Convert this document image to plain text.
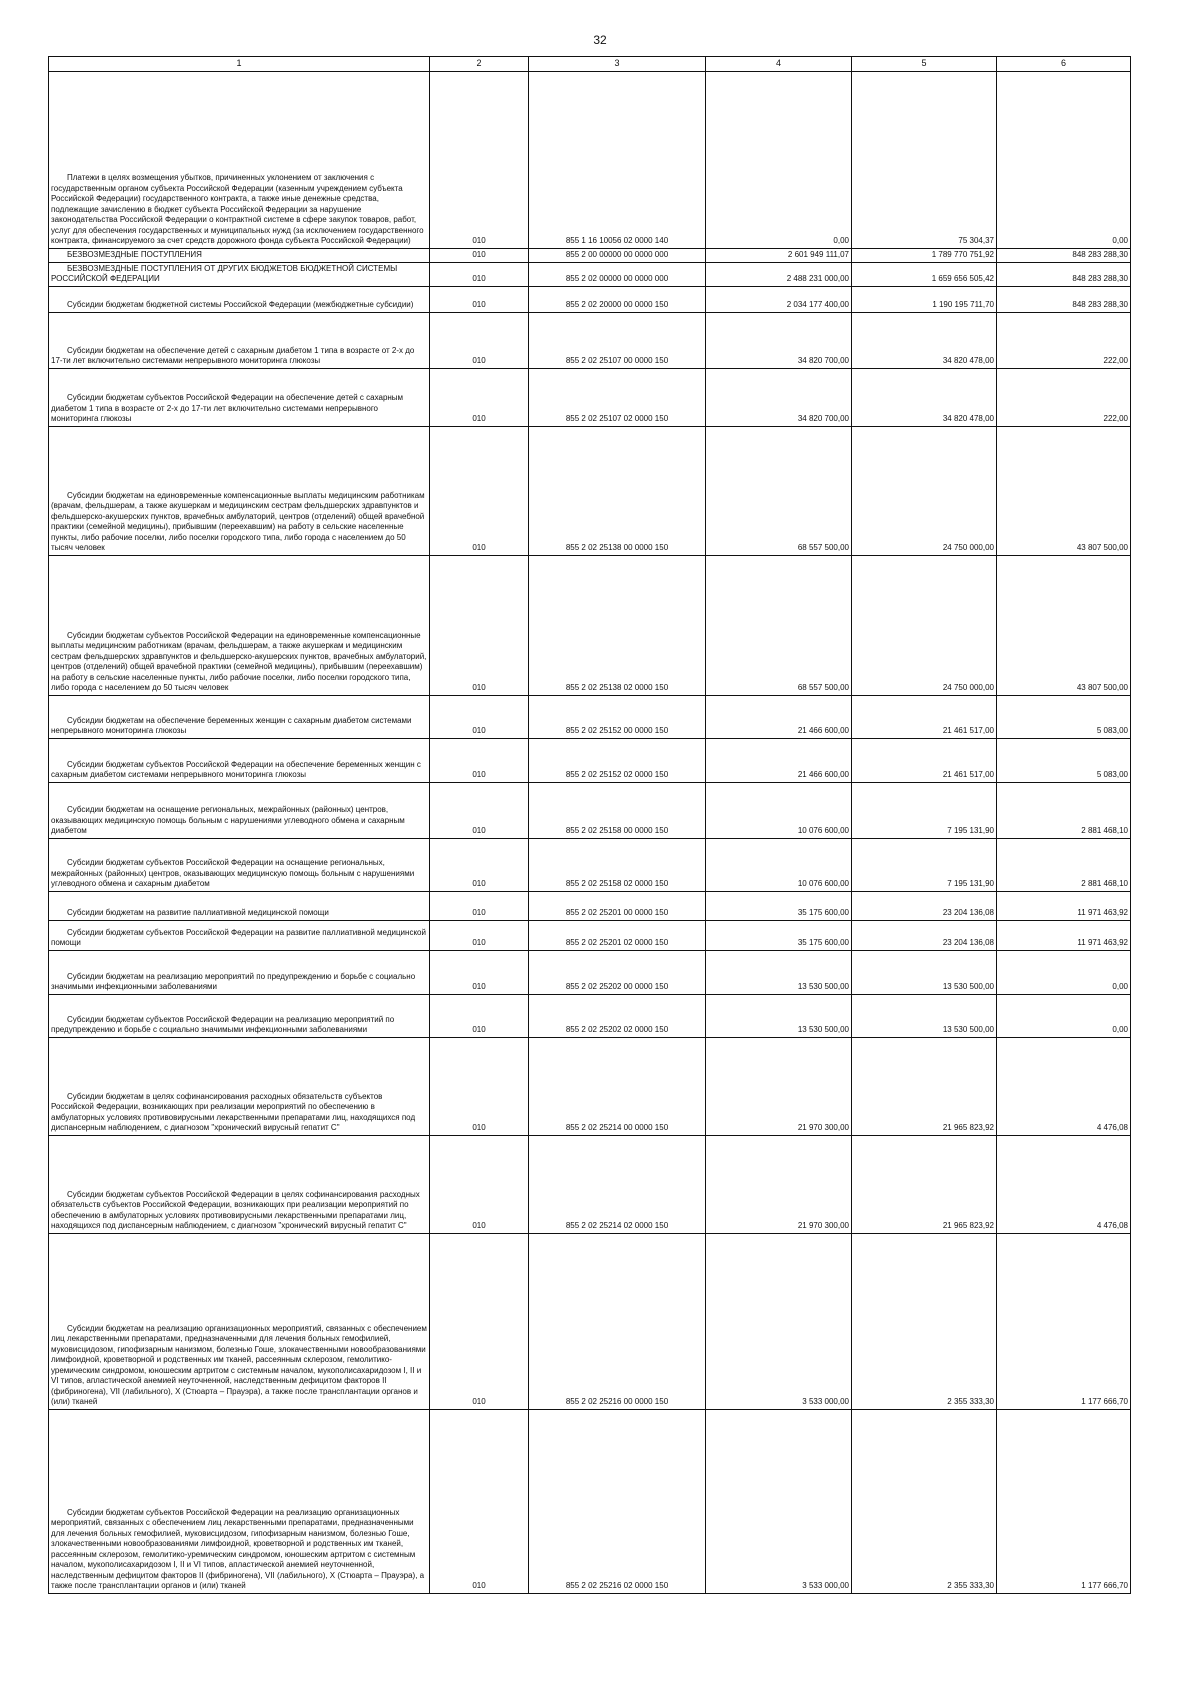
32
1	2	3	4	5	6
Платежи в целях возмещения убытков, причиненных уклонением от заключения с государственным органом субъекта Российской Федерации (казенным учреждением субъекта Российской Федерации) государственного контракта, а также иные денежные средства, подлежащие зачислению в бюджет субъекта Российской Федерации за нарушение законодательства Российской Федерации о контрактной системе в сфере закупок товаров, работ, услуг для обеспечения государственных и муниципальных нужд (за исключением государственного контракта, финансируемого за счет средств дорожного фонда субъекта Российской Федерации)	010	855 1 16 10056 02 0000 140	0,00	75 304,37	0,00
БЕЗВОЗМЕЗДНЫЕ ПОСТУПЛЕНИЯ	010	855 2 00 00000 00 0000 000	2 601 949 111,07	1 789 770 751,92	848 283 288,30
БЕЗВОЗМЕЗДНЫЕ ПОСТУПЛЕНИЯ ОТ ДРУГИХ БЮДЖЕТОВ БЮДЖЕТНОЙ СИСТЕМЫ РОССИЙСКОЙ ФЕДЕРАЦИИ	010	855 2 02 00000 00 0000 000	2 488 231 000,00	1 659 656 505,42	848 283 288,30
Субсидии бюджетам бюджетной системы Российской Федерации (межбюджетные субсидии)	010	855 2 02 20000 00 0000 150	2 034 177 400,00	1 190 195 711,70	848 283 288,30
Субсидии бюджетам на обеспечение детей с сахарным диабетом 1 типа в возрасте от 2-х до 17-ти лет включительно системами непрерывного мониторинга глюкозы	010	855 2 02 25107 00 0000 150	34 820 700,00	34 820 478,00	222,00
Субсидии бюджетам субъектов Российской Федерации на обеспечение детей с сахарным диабетом 1 типа в возрасте от 2-х до 17-ти лет включительно системами непрерывного мониторинга глюкозы	010	855 2 02 25107 02 0000 150	34 820 700,00	34 820 478,00	222,00
Субсидии бюджетам на единовременные компенсационные выплаты медицинским работникам (врачам, фельдшерам, а также акушеркам и медицинским сестрам фельдшерских здравпунктов и фельдшерско-акушерских пунктов, врачебных амбулаторий, центров (отделений) общей врачебной практики (семейной медицины), прибывшим (переехавшим) на работу в сельские населенные пункты, либо рабочие поселки, либо поселки городского типа, либо города с населением до 50 тысяч человек	010	855 2 02 25138 00 0000 150	68 557 500,00	24 750 000,00	43 807 500,00
Субсидии бюджетам субъектов Российской Федерации на единовременные компенсационные выплаты медицинским работникам (врачам, фельдшерам, а также акушеркам и медицинским сестрам фельдшерских здравпунктов и фельдшерско-акушерских пунктов, врачебных амбулаторий, центров (отделений) общей врачебной практики (семейной медицины), прибывшим (переехавшим) на работу в сельские населенные пункты, либо рабочие поселки, либо поселки городского типа, либо города с населением до 50 тысяч человек	010	855 2 02 25138 02 0000 150	68 557 500,00	24 750 000,00	43 807 500,00
Субсидии бюджетам на обеспечение беременных женщин с сахарным диабетом системами непрерывного мониторинга глюкозы	010	855 2 02 25152 00 0000 150	21 466 600,00	21 461 517,00	5 083,00
Субсидии бюджетам субъектов Российской Федерации на обеспечение беременных женщин с сахарным диабетом системами непрерывного мониторинга глюкозы	010	855 2 02 25152 02 0000 150	21 466 600,00	21 461 517,00	5 083,00
Субсидии бюджетам на оснащение региональных, межрайонных (районных) центров, оказывающих медицинскую помощь больным с нарушениями углеводного обмена и сахарным диабетом	010	855 2 02 25158 00 0000 150	10 076 600,00	7 195 131,90	2 881 468,10
Субсидии бюджетам субъектов Российской Федерации на оснащение региональных, межрайонных (районных) центров, оказывающих медицинскую помощь больным с нарушениями углеводного обмена и сахарным диабетом	010	855 2 02 25158 02 0000 150	10 076 600,00	7 195 131,90	2 881 468,10
Субсидии бюджетам на развитие паллиативной медицинской помощи	010	855 2 02 25201 00 0000 150	35 175 600,00	23 204 136,08	11 971 463,92
Субсидии бюджетам субъектов Российской Федерации на развитие паллиативной медицинской помощи	010	855 2 02 25201 02 0000 150	35 175 600,00	23 204 136,08	11 971 463,92
Субсидии бюджетам на реализацию мероприятий по предупреждению и борьбе с социально значимыми инфекционными заболеваниями	010	855 2 02 25202 00 0000 150	13 530 500,00	13 530 500,00	0,00
Субсидии бюджетам субъектов Российской Федерации на реализацию мероприятий по предупреждению и борьбе с социально значимыми инфекционными заболеваниями	010	855 2 02 25202 02 0000 150	13 530 500,00	13 530 500,00	0,00
Субсидии бюджетам в целях софинансирования расходных обязательств субъектов Российской Федерации, возникающих при реализации мероприятий по обеспечению в амбулаторных условиях противовирусными лекарственными препаратами лиц, находящихся под диспансерным наблюдением, с диагнозом "хронический вирусный гепатит С"	010	855 2 02 25214 00 0000 150	21 970 300,00	21 965 823,92	4 476,08
Субсидии бюджетам субъектов Российской Федерации в целях софинансирования расходных обязательств субъектов Российской Федерации, возникающих при реализации мероприятий по обеспечению в амбулаторных условиях противовирусными лекарственными препаратами лиц, находящихся под диспансерным наблюдением, с диагнозом "хронический вирусный гепатит С"	010	855 2 02 25214 02 0000 150	21 970 300,00	21 965 823,92	4 476,08
Субсидии бюджетам на реализацию организационных мероприятий, связанных с обеспечением лиц лекарственными препаратами, предназначенными для лечения больных гемофилией, муковисцидозом, гипофизарным нанизмом, болезнью Гоше, злокачественными новообразованиями лимфоидной, кроветворной и родственных им тканей, рассеянным склерозом, гемолитико-уремическим синдромом, юношеским артритом с системным началом, мукополисахаридозом I, II и VI типов, апластической анемией неуточненной, наследственным дефицитом факторов II (фибриногена), VII (лабильного), X (Стюарта – Прауэра), а также после трансплантации органов и (или) тканей	010	855 2 02 25216 00 0000 150	3 533 000,00	2 355 333,30	1 177 666,70
Субсидии бюджетам субъектов Российской Федерации на реализацию организационных мероприятий, связанных с обеспечением лиц лекарственными препаратами, предназначенными для лечения больных гемофилией, муковисцидозом, гипофизарным нанизмом, болезнью Гоше, злокачественными новообразованиями лимфоидной, кроветворной и родственных им тканей, рассеянным склерозом, гемолитико-уремическим синдромом, юношеским артритом с системным началом, мукополисахаридозом I, II и VI типов, апластической анемией неуточненной, наследственным дефицитом факторов II (фибриногена), VII (лабильного), X (Стюарта – Прауэра), а также после трансплантации органов и (или) тканей	010	855 2 02 25216 02 0000 150	3 533 000,00	2 355 333,30	1 177 666,70
